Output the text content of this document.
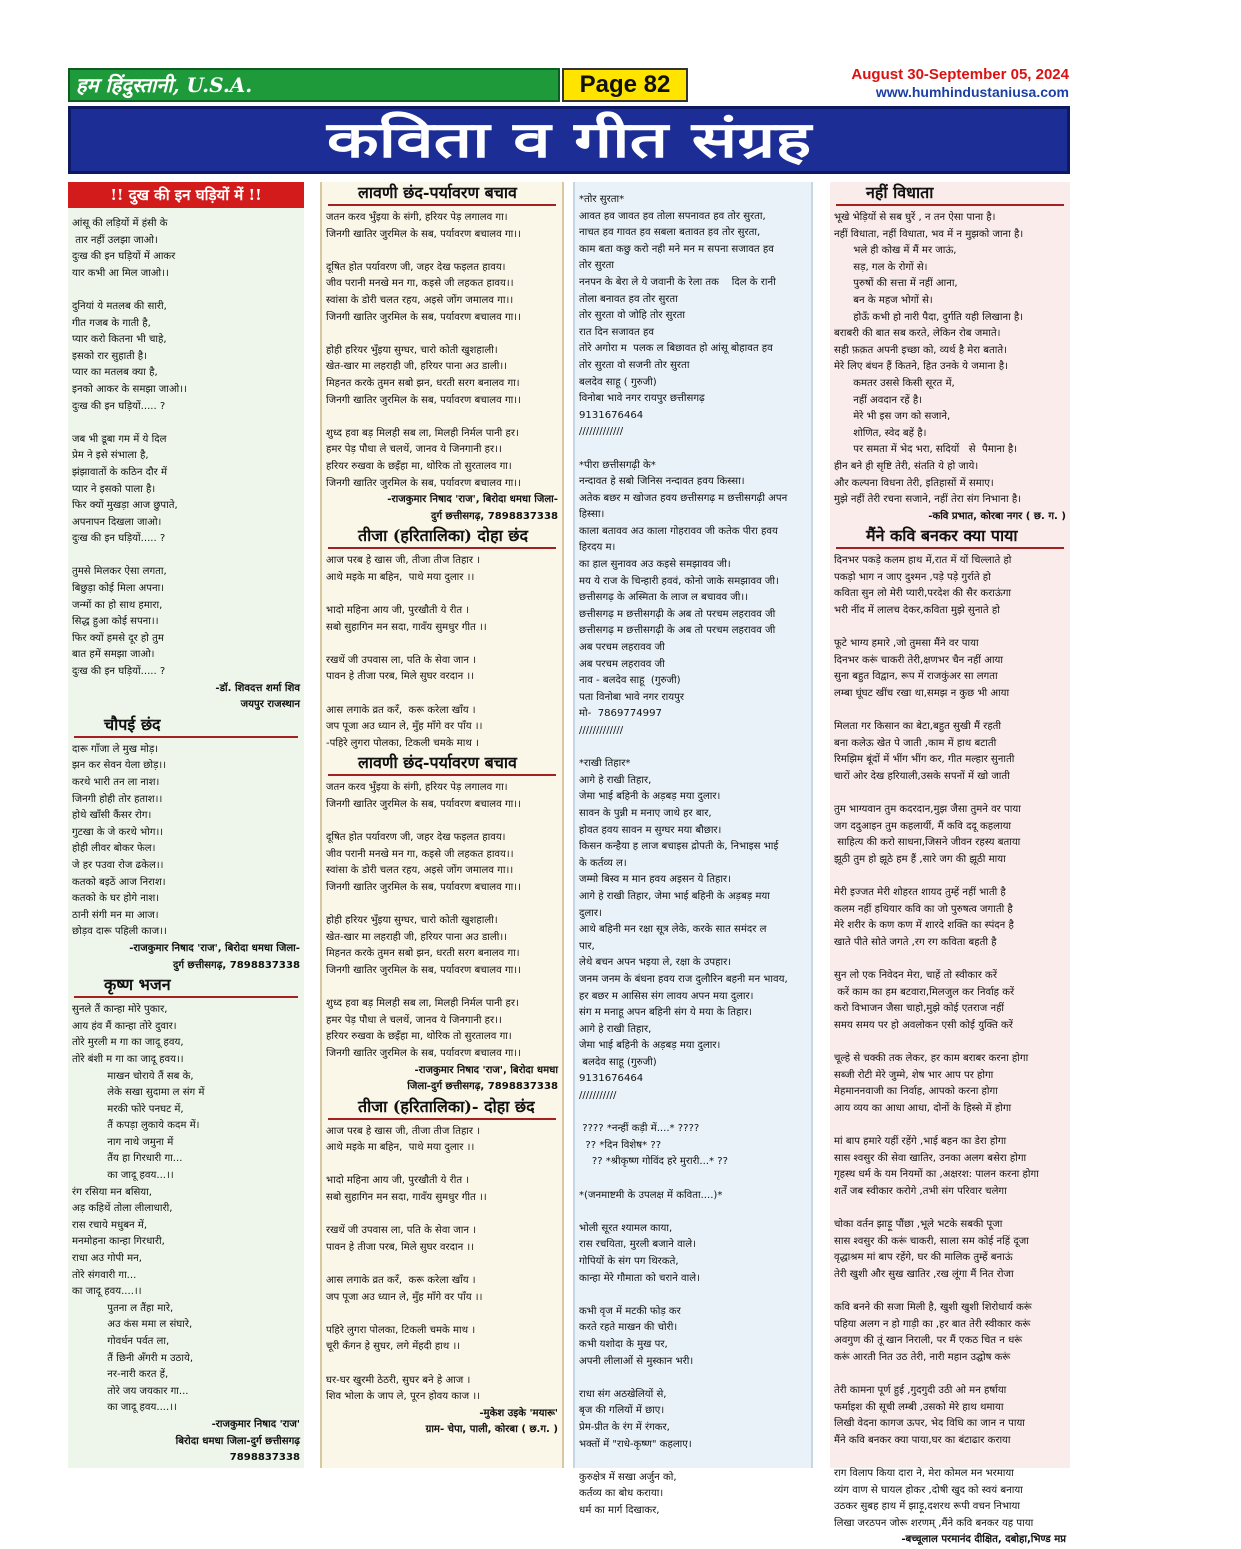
हम हिंदुस्तानी, U.S.A.	Page 82	August 30-September 05, 2024
www.humhindustaniusa.com
कविता व गीत संग्रह
!! दुख की इन घड़ियों में !!
आंसू की लड़ियों में हंसी के
तार नहीं उलझा जाओ।
दुःख की इन घड़ियों में आकर
यार कभी आ मिल जाओ।।

दुनियां ये मतलब की सारी,
गीत गजब के गाती है,
प्यार करो कितना भी चाहे,
इसको रार सुहाती है।
प्यार का मतलब क्या है,
इनको आकर के समझा जाओ।।
दुःख की इन घड़ियों..... ?

जब भी डूबा गम में ये दिल
प्रेम ने इसे संभाला है,
झंझावातों के कठिन दौर में
प्यार ने इसको पाला है।
फिर क्यों मुखड़ा आज छुपाते,
अपनापन दिखला जाओ।
दुःख की इन घड़ियों..... ?

तुमसे मिलकर ऐसा लगता,
बिछुड़ा कोई मिला अपना।
जन्मों का हो साथ हमारा,
सिद्ध हुआ कोई सपना।।
फिर क्यों हमसे दूर हो तुम
बात हमें समझा जाओ।
दुःख की इन घड़ियों..... ?
-डॉ. शिवदत्त शर्मा शिव
जयपुर राजस्थान
चौपई छंद
दारू गाँजा ले मुख मोड़।
झन कर सेवन येला छोड़।।
करथे भारी तन ला नाश।
जिनगी होही तोर हताश।।
होथे खाँसी कैंसर रोग।
गुटखा के जे करथे भोग।।
होही लीवर बोकर फेल।
जे हर पउवा रोज ढकेल।।
कतको बइठें आज निराश।
कतको के घर होगे नाश।
ठानी संगी मन मा आज।
छोड़व दारू पहिली काज।।
-राजकुमार निषाद 'राज', बिरोदा धमधा जिला-
दुर्ग छत्तीसगढ़, 7898837338
कृष्ण भजन
सुनले तैं कान्हा मोरे पुकार,
आय हंव मैं कान्हा तोरे दुवार।
तोरे मुरली म गा का जादू हवय,
तोरे बंशी म गा का जादू हवय।।
माखन चोराये तैं सब के,
लेके सखा सुदामा ल संग में
मरकी फोरे पनघट में,
तैं कपड़ा लुकाये कदम में।
नाग नाथे जमुना में
तैंय हा गिरधारी गा...
का जादू हवय...।।
रंग रसिया मन बसिया,
अड़ कहिथें तोला लीलाधारी,
रास रचाये मधुबन में,
मनमोहना कान्हा गिरधारी,
राधा अउ गोपी मन,
तोरे संगवारी गा...
का जादू हवय....।।
पुतना ल तैंहा मारे,
अउ कंस ममा ल संघारे,
गोवर्धन पर्वत ला,
तैं छिनी अँगरी म उठाये,
नर-नारी करत हें,
तोरे जय जयकार गा...
का जादू हवय....।।
-राजकुमार निषाद 'राज'
बिरोदा धमधा जिला-दुर्ग छत्तीसगढ़
7898837338
लावणी छंद-पर्यावरण बचाव
जतन करव भुँइया के संगी, हरियर पेड़ लगालव गा।
जिनगी खातिर जुरमिल के सब, पर्यावरण बचालव गा।।

दूषित होत पर्यावरण जी, जहर देख फइलत हावय।
जीव परानी मनखे मन गा, कइसे जी लहकत हावय।।
स्वांसा के डोरी चलत रहय, अइसे जोंग जमालव गा।।
जिनगी खातिर जुरमिल के सब, पर्यावरण बचालव गा।।

होही हरियर भुँइया सुग्घर, चारो कोती खुशहाली।
खेत-खार मा लहराही जी, हरियर पाना अउ डाली।।
मिहनत करके तुमन सबो झन, धरती सरग बनालव गा।
जिनगी खातिर जुरमिल के सब, पर्यावरण बचालव गा।।

शुध्द हवा बड़ मिलही सब ला, मिलही निर्मल पानी हर।
हमर पेड़ पौधा ले चलथें, जानव ये जिनगानी हर।।
हरियर रुखवा के छइँहा मा, थोरिक तो सुरतालव गा।
जिनगी खातिर जुरमिल के सब, पर्यावरण बचालव गा।।
-राजकुमार निषाद 'राज', बिरोदा धमधा जिला-
दुर्ग छत्तीसगढ़, 7898837338
तीजा (हरितालिका) दोहा छंद
आज परब हे खास जी, तीजा तीज तिहार ।
आथे मइके मा बहिन,  पाथे मया दुलार ।।

भादो महिना आय जी, पुरखौती ये रीत ।
सबो सुहागिन मन सदा, गावँय सुमधुर गीत ।।

रखथें जी उपवास ला, पति के सेवा जान ।
पावन हे तीजा परब, मिले सुघर वरदान ।।

आस लगाके व्रत करँ,  करू करेला खाँय ।
जप पूजा अउ ध्यान ले, मुँह माँगे वर पाँय ।।
-पहिरे लुगरा पोलका, टिकली चमके माथ ।
लावणी छंद-पर्यावरण बचाव
जतन करव भुँइया के संगी, हरियर पेड़ लगालव गा।
जिनगी खातिर जुरमिल के सब, पर्यावरण बचालव गा।।

दूषित होत पर्यावरण जी, जहर देख फइलत हावय।
जीव परानी मनखे मन गा, कइसे जी लहकत हावय।।
स्वांसा के डोरी चलत रहय, अइसे जोंग जमालव गा।।
जिनगी खातिर जुरमिल के सब, पर्यावरण बचालव गा।।

होही हरियर भुँइया सुग्घर, चारो कोती खुशहाली।
खेत-खार मा लहराही जी, हरियर पाना अउ डाली।।
मिहनत करके तुमन सबो झन, धरती सरग बनालव गा।
जिनगी खातिर जुरमिल के सब, पर्यावरण बचालव गा।।

शुध्द हवा बड़ मिलही सब ला, मिलही निर्मल पानी हर।
हमर पेड़ पौधा ले चलथें, जानव ये जिनगानी हर।।
हरियर रुखवा के छइँहा मा, थोरिक तो सुरतालव गा।
जिनगी खातिर जुरमिल के सब, पर्यावरण बचालव गा।।
-राजकुमार निषाद 'राज', बिरोदा धमधा
जिला-दुर्ग छत्तीसगढ़, 7898837338
तीजा (हरितालिका)- दोहा छंद
आज परब हे खास जी, तीजा तीज तिहार ।
आथे मइके मा बहिन,  पाथे मया दुलार ।।

भादो महिना आय जी, पुरखौती ये रीत ।
सबो सुहागिन मन सदा, गावँय सुमधुर गीत ।।

रखथें जी उपवास ला, पति के सेवा जान ।
पावन हे तीजा परब, मिले सुघर वरदान ।।

आस लगाके व्रत करँ,  करू करेला खाँय ।
जप पूजा अउ ध्यान ले, मुँह माँगे वर पाँय ।।

पहिरे लुगरा पोलका, टिकली चमके माथ ।
चूरी कँगन हे सुघर, लगे मेंहदी हाथ ।।

घर-घर खुरमी ठेठरी, सुघर बने हे आज ।
शिव भोला के जाप ले, पूरन होवय काज ।।
-मुकेश उइके 'मयारू'
ग्राम- चेपा, पाली, कोरबा ( छ.ग. )
*तोर सुरता*
आवत हव जावत हव तोला सपनावत हव तोर सुरता,
नाचत हव गावत हव सबला बतावत हव तोर सुरता,
काम बता कछु करो नही मने मन म सपना सजावत हव
तोर सुरता
ननपन के बेरा ले ये जवानी के रेला तक    दिल के रानी
तोला बनावत हव तोर सुरता
तोर सुरता वो जोहि तोर सुरता
रात दिन सजावत हव
तोरे अगोरा म  पलक ल बिछावत हो आंसू बोहावत हव
तोर सुरता वो सजनी तोर सुरता
बलदेव साहू ( गुरुजी)
विनोबा भावे नगर रायपुर छत्तीसगढ़
9131676464
/////////////

*पीरा छत्तीसगढ़ी के*
नन्दावत हे सबो जिनिस नन्दावत हवय किस्सा।
अतेक बछर म खोजत हवय छत्तीसगढ़ म छत्तीसगढ़ी अपन
हिस्सा।
काला बतावव अउ काला गोहरावव जी कतेक पीरा हवय
हिरदय म।
का हाल सुनावव अउ कइसे समझावव जी।
मय ये राज के चिन्हारी हववं, कोनो जाके समझावव जी।
छत्तीसगढ़ के अस्मिता के लाज ल बचावव जी।।
छत्तीसगढ़ म छत्तीसगढ़ी के अब तो परचम लहरावव जी
छत्तीसगढ़ म छत्तीसगढ़ी के अब तो परचम लहरावव जी
अब परचम लहरावव जी
अब परचम लहरावव जी
नाव - बलदेव साहू  (गुरुजी)
पता विनोबा भावे नगर रायपुर
मो-  7869774997
/////////////

*राखी तिहार*
आगे हे राखी तिहार,
जेमा भाई बहिनी के अड़बड़ मया दुलार।
सावन के पुन्नी म मनाए जाथे हर बार,
होवत हवय सावन म सुग्घर मया बौछार।
किसन कन्हैया ह लाज बचाइस द्रोपती के, निभाइस भाई
के कर्तव्य ल।
जम्मो बिस्व म मान हवय अइसन ये तिहार।
आगे हे राखी तिहार, जेमा भाई बहिनी के अड़बड़ मया
दुलार।
आथे बहिनी मन रक्षा सूत्र लेके, करके सात समंदर ल
पार,
लेथे बचन अपन भइया ले, रक्षा के उपहार।
जनम जनम के बंधना हवय राज दुलौरिन बहनी मन भावय,
हर बछर म आसिस संग लावय अपन मया दुलार।
संग म मनाहू अपन बहिनी संग ये मया के तिहार।
आगे हे राखी तिहार,
जेमा भाई बहिनी के अड़बड़ मया दुलार।
बलदेव साहू (गुरुजी)
9131676464
///////////

???? *नन्हीं कड़ी में....* ????
?? *दिन विशेष* ??
?? *श्रीकृष्ण गोविंद हरे मुरारी...* ??

*(जनमाष्टमी के उपलक्ष में कविता....)*

भोली सूरत श्यामल काया,
रास रचयिता, मुरली बजाने वाले।
गोपियों के संग पग थिरकते,
कान्हा मेरे गौमाता को चराने वाले।

कभी वृज में मटकी फोड़ कर
करते रहते माखन की चोरी।
कभी यशोदा के मुख पर,
अपनी लीलाओं से मुस्कान भरी।

राधा संग अठखेलियों से,
बृज की गलियों में छाए।
प्रेम-प्रीत के रंग में रंगकर,
भक्तों में "राधे-कृष्ण" कहलाए।

कुरुक्षेत्र में सखा अर्जुन को,
कर्तव्य का बोध कराया।
धर्म का मार्ग दिखाकर,
नहीं विधाता
भूखे भेड़ियों से सब घुरें , न तन ऐसा पाना है।
नहीं विधाता, नहीं विधाता, भव में न मुझको जाना है।
भले ही कोख में मैं मर जाऊं,
सड़, गल के रोगों से।
पुरुषों की सत्ता में नहीं आना,
बन के महज भोगों से।
होऊँ कभी हो नारी पैदा, दुर्गति यही लिखाना है।
बराबरी की बात सब करते, लेकिन रोब जमाते।
सही फ़क़त अपनी इच्छा को, व्यर्थ है मेरा बताते।
मेरे लिए बंधन हैं कितने, हित उनके ये जमाना है।
कमतर उससे किसी सूरत में,
नहीं अवदान रहें है।
मेरे भी इस जग को सजाने,
शोणित, स्वेद बहें है।
पर समता में भेद भरा, सदियों   से  पैमाना है।
हीन बने ही सृष्टि तेरी, संतति ये हो जाये।
और कल्पना विधना तेरी, इतिहासों में समाए।
मुझे नहीं तेरी रचना सजाने, नहीं तेरा संग निभाना है।
-कवि प्रभात, कोरबा नगर ( छ. ग. )
मैंने कवि बनकर क्या पाया
दिनभर पकड़े कलम हाथ में,रात में यों चिल्लाते हो
पकड़ो भाग न जाए दुश्मन ,पड़े पड़े गुर्राते हो
कविता सुन लो मेरी प्यारी,परदेश की सैर कराऊंगा
भरी नींद में लालच देकर,कविता मुझे सुनाते हो

फूटे भाग्य हमारे ,जो तुमसा मैंने वर पाया
दिनभर करूं चाकरी तेरी,क्षणभर चैन नहीं आया
सुना बहुत विद्वान, रूप में राजकुंअर सा लगता
लम्बा घूंघट खींच रखा था,समझ न कुछ भी आया

मिलता गर किसान का बेटा,बहुत सुखी मैं रहती
बना कलेऊ खेत पे जाती ,काम में हाथ बटाती
रिमझिम बूंदों में भींग भींग कर, गीत मल्हार सुनाती
चारों ओर देख हरियाली,उसके सपनों में खो जाती

तुम भाग्यवान तुम कदरदान,मुझ जैसा तुमने वर पाया
जग ददुआइन तुम कहलायीं, मैं कवि ददू कहलाया
साहित्य की करो साधना,जिसने जीवन रहस्य बताया
झूठी तुम हो झूठे हम हैं ,सारे जग की झूठी माया

मेरी इज्जत मेरी शोहरत शायद तुम्हें नहीं भाती है
कलम नहीं हथियार कवि का जो पुरुषत्व जगाती है
मेरे शरीर के कण कण में शारदे शक्ति का स्पंदन है
खाते पीते सोते जगते ,रग रग कविता बहती है

सुन लो एक निवेदन मेरा, चाहें तो स्वीकार करें
करें काम का हम बटवारा,मिलजुल कर निर्वाह करें
करो विभाजन जैसा चाहो,मुझे कोई एतराज नहीं
समय समय पर हो अवलोकन एसी कोई युक्ति करें

चूल्हे से चक्की तक लेकर, हर काम बराबर करना होगा
सब्जी रोटी मेरे जुम्मे, शेष भार आप पर होगा
मेहमाननवाजी का निर्वाह, आपको करना होगा
आय व्यय का आधा आधा, दोनों के हिस्से में होगा

मां बाप हमारे यहीं रहेंगे ,भाई बहन का डेरा होगा
सास श्वसुर की सेवा खातिर, उनका अलग बसेरा होगा
गृहस्थ धर्म के यम नियमों का ,अक्षरश: पालन करना होगा
शर्तें जब स्वीकार करोगे ,तभी संग परिवार चलेगा

चोका वर्तन झाड़ू पौंछा ,भूले भटके सबकी पूजा
सास श्वसुर की करूं चाकरी, साला सम कोई नहिं दूजा
वृद्धाश्रम मां बाप रहेंगे, घर की मालिक तुम्हें बनाऊं
तेरी खुशी और सुख खातिर ,रख लूंगा मैं नित रोजा

कवि बनने की सजा मिली है, खुशी खुशी शिरोधार्य करूं
पहिया अलग न हो गाड़ी का ,हर बात तेरी स्वीकार करूं
अवगुण की तूं खान निराली, पर मैं एकठ चित न धरूं
करूं आरती नित उठ तेरी, नारी महान उद्घोष करूं

तेरी कामना पूर्ण हुई ,गुदगुदी उठी ओ मन हर्षाया
फर्माइश की सूची लम्बी ,उसको मेरे हाथ थमाया
लिखी वेदना कागज ऊपर, भेद विधि का जान न पाया
मैंने कवि बनकर क्या पाया,घर का बंटाढार कराया

राग विलाप किया दारा ने, मेरा कोमल मन भरमाया
व्यंग वाण से घायल होकर ,दोषी खुद को स्वयं बनाया
उठकर सुबह हाथ में झाड़ू,दशरथ रूपी वचन निभाया
लिखा जरठपन जोरू शरणम् ,मैंने कवि बनकर यह पाया
-बच्चूलाल परमानंद दीक्षित, दबोहा,भिण्ड मप्र
